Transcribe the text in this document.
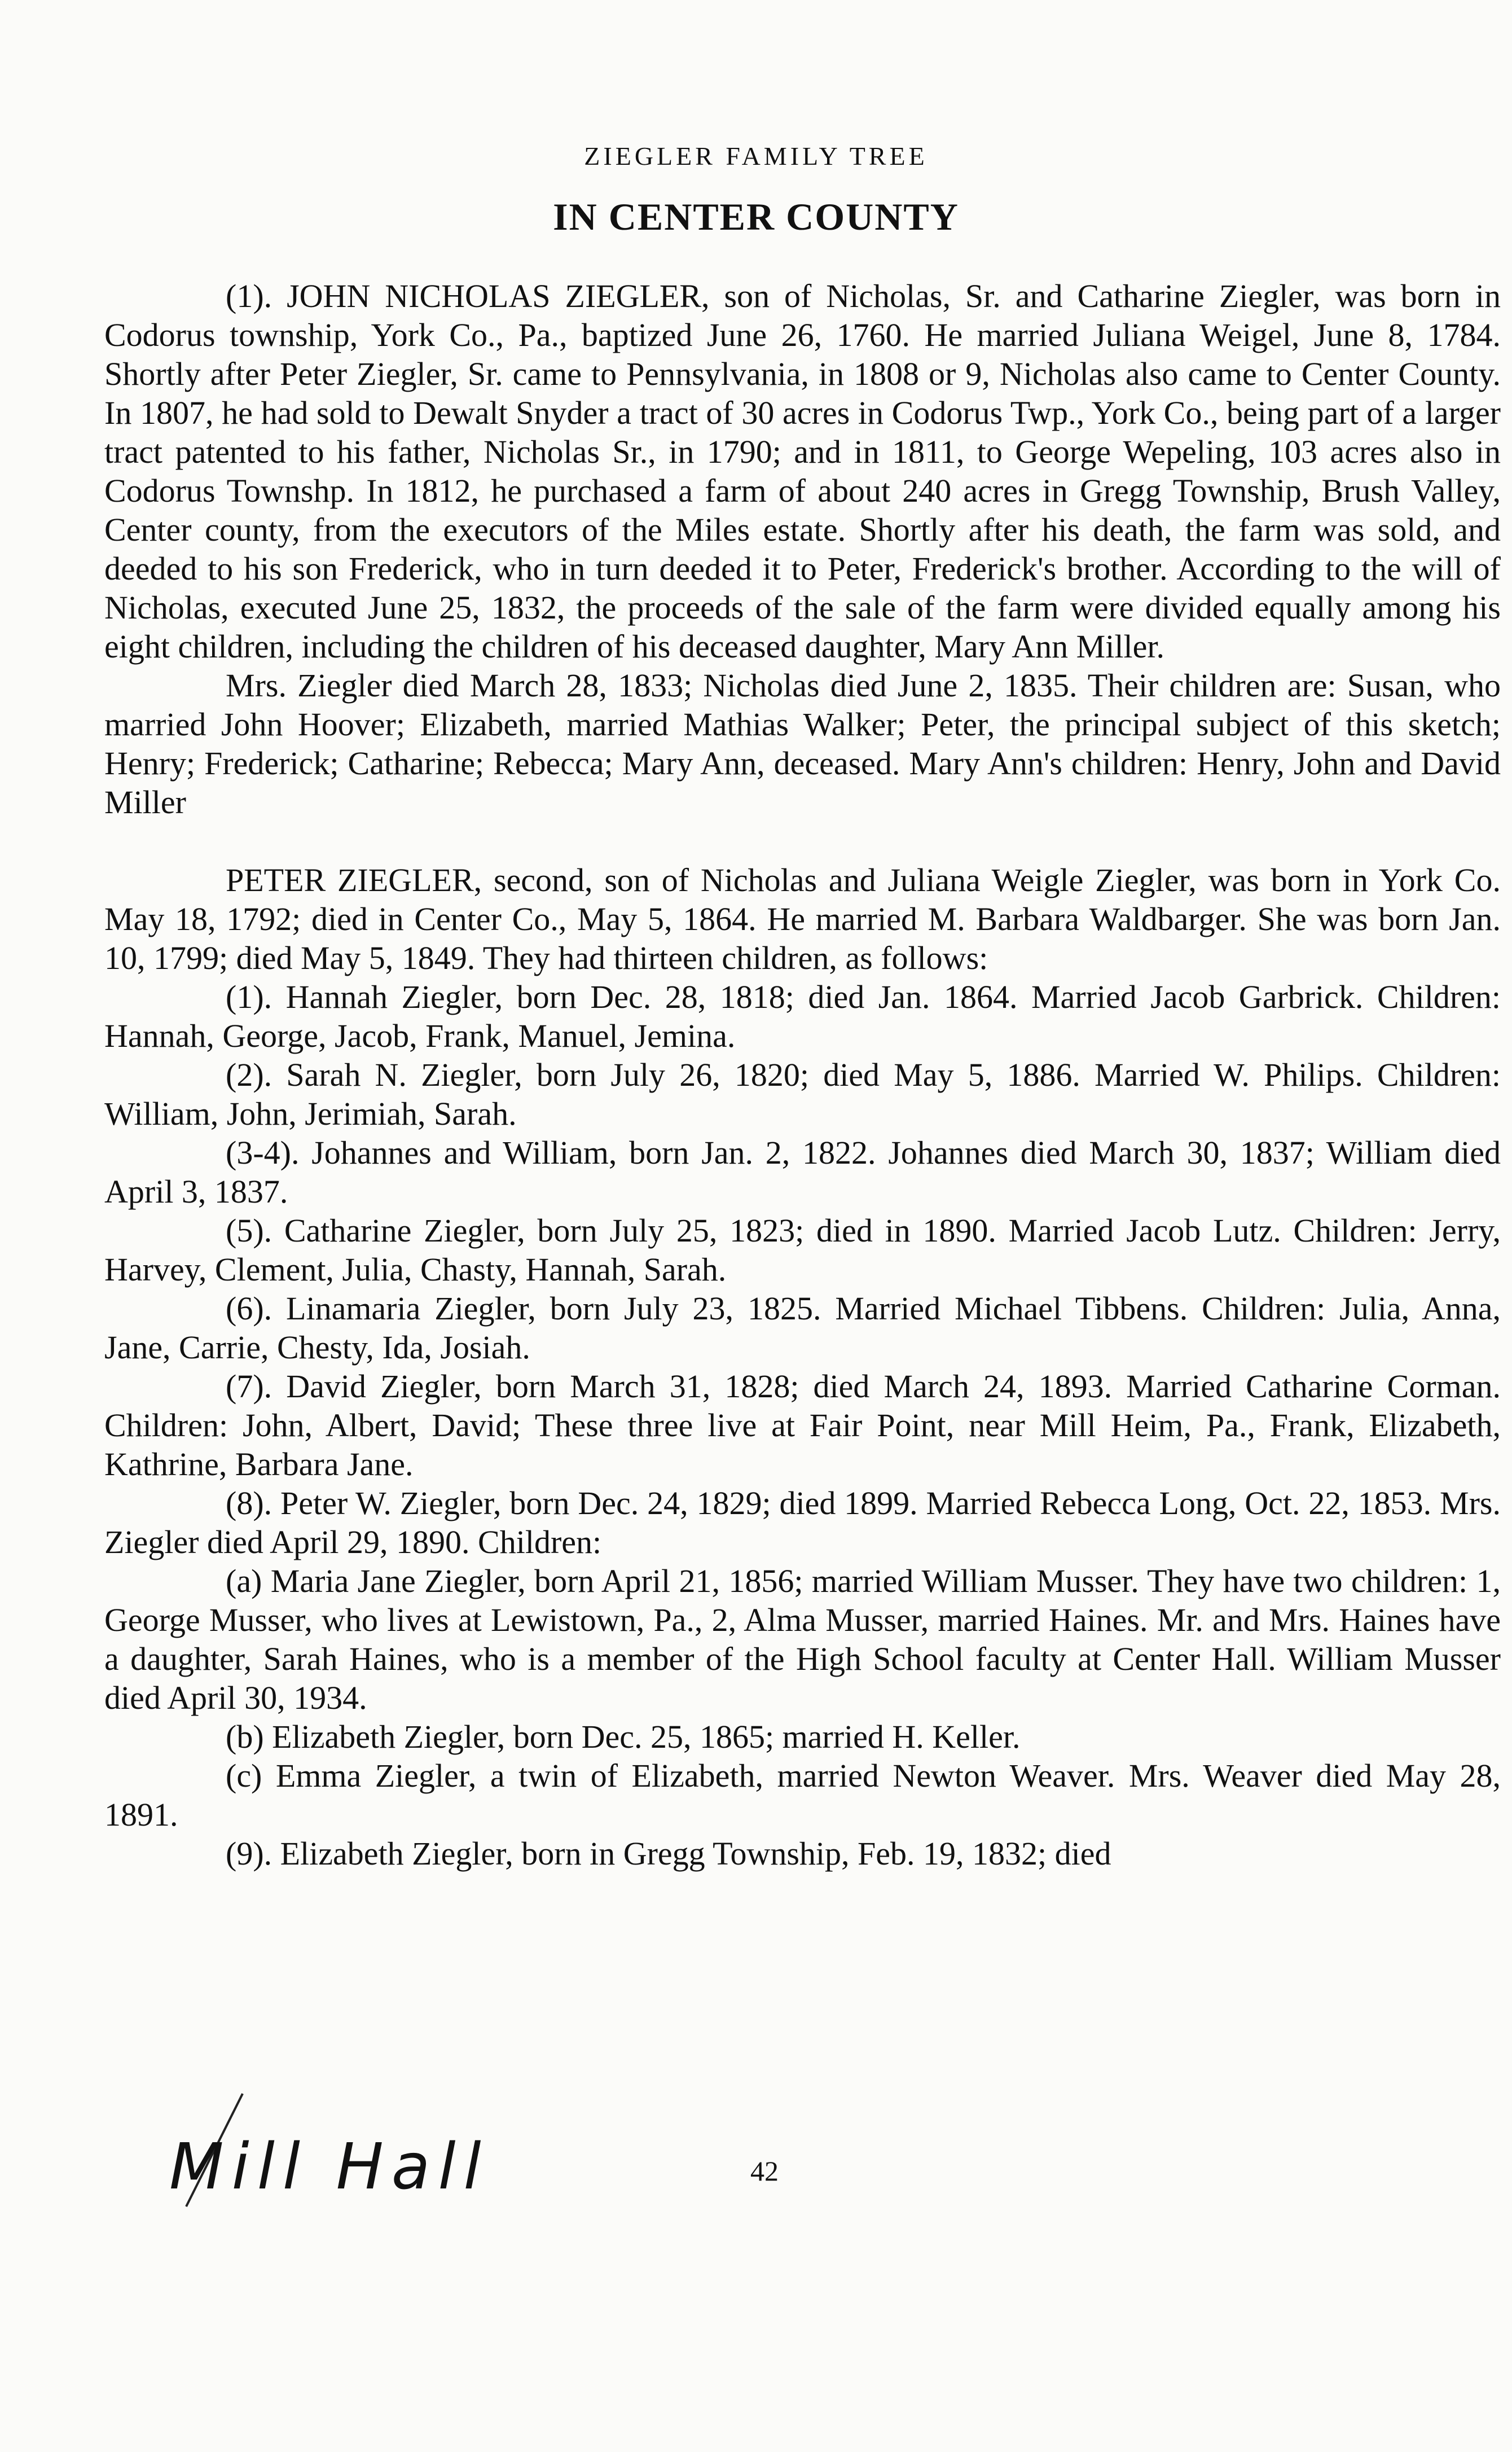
ZIEGLER FAMILY TREE
IN CENTER COUNTY

(1). JOHN NICHOLAS ZIEGLER, son of Nicholas, Sr. and Catharine Ziegler, was born in Codorus township, York Co., Pa., baptized June 26, 1760. He married Juliana Weigel, June 8, 1784. Shortly after Peter Ziegler, Sr. came to Pennsylvania, in 1808 or 9, Nicholas also came to Center County. In 1807, he had sold to Dewalt Snyder a tract of 30 acres in Codorus Twp., York Co., being part of a larger tract patented to his father, Nicholas Sr., in 1790; and in 1811, to George Wepeling, 103 acres also in Codorus Townshp. In 1812, he purchased a farm of about 240 acres in Gregg Township, Brush Valley, Center county, from the executors of the Miles estate. Shortly after his death, the farm was sold, and deeded to his son Frederick, who in turn deeded it to Peter, Frederick's brother. According to the will of Nicholas, executed June 25, 1832, the proceeds of the sale of the farm were divided equally among his eight children, including the children of his deceased daughter, Mary Ann Miller.

Mrs. Ziegler died March 28, 1833; Nicholas died June 2, 1835. Their children are: Susan, who married John Hoover; Elizabeth, married Mathias Walker; Peter, the principal subject of this sketch; Henry; Frederick; Catharine; Rebecca; Mary Ann, deceased. Mary Ann's children: Henry, John and David Miller

PETER ZIEGLER, second, son of Nicholas and Juliana Weigle Ziegler, was born in York Co. May 18, 1792; died in Center Co., May 5, 1864. He married M. Barbara Waldbarger. She was born Jan. 10, 1799; died May 5, 1849. They had thirteen children, as follows:

(1). Hannah Ziegler, born Dec. 28, 1818; died Jan. 1864. Married Jacob Garbrick. Children: Hannah, George, Jacob, Frank, Manuel, Jemina.

(2). Sarah N. Ziegler, born July 26, 1820; died May 5, 1886. Married W. Philips. Children: William, John, Jerimiah, Sarah.

(3-4). Johannes and William, born Jan. 2, 1822. Johannes died March 30, 1837; William died April 3, 1837.

(5). Catharine Ziegler, born July 25, 1823; died in 1890. Married Jacob Lutz. Children: Jerry, Harvey, Clement, Julia, Chasty, Hannah, Sarah.

(6). Linamaria Ziegler, born July 23, 1825. Married Michael Tibbens. Children: Julia, Anna, Jane, Carrie, Chesty, Ida, Josiah.

(7). David Ziegler, born March 31, 1828; died March 24, 1893. Married Catharine Corman. Children: John, Albert, David; These three live at Fair Point, near Mill Heim, Pa., Frank, Elizabeth, Kathrine, Barbara Jane.

(8). Peter W. Ziegler, born Dec. 24, 1829; died 1899. Married Rebecca Long, Oct. 22, 1853. Mrs. Ziegler died April 29, 1890. Children:

(a) Maria Jane Ziegler, born April 21, 1856; married William Musser. They have two children: 1, George Musser, who lives at Lewistown, Pa., 2, Alma Musser, married Haines. Mr. and Mrs. Haines have a daughter, Sarah Haines, who is a member of the High School faculty at Center Hall. William Musser died April 30, 1934.

(b) Elizabeth Ziegler, born Dec. 25, 1865; married H. Keller.

(c) Emma Ziegler, a twin of Elizabeth, married Newton Weaver. Mrs. Weaver died May 28, 1891.

(9). Elizabeth Ziegler, born in Gregg Township, Feb. 19, 1832; died

Mill Hall	42
